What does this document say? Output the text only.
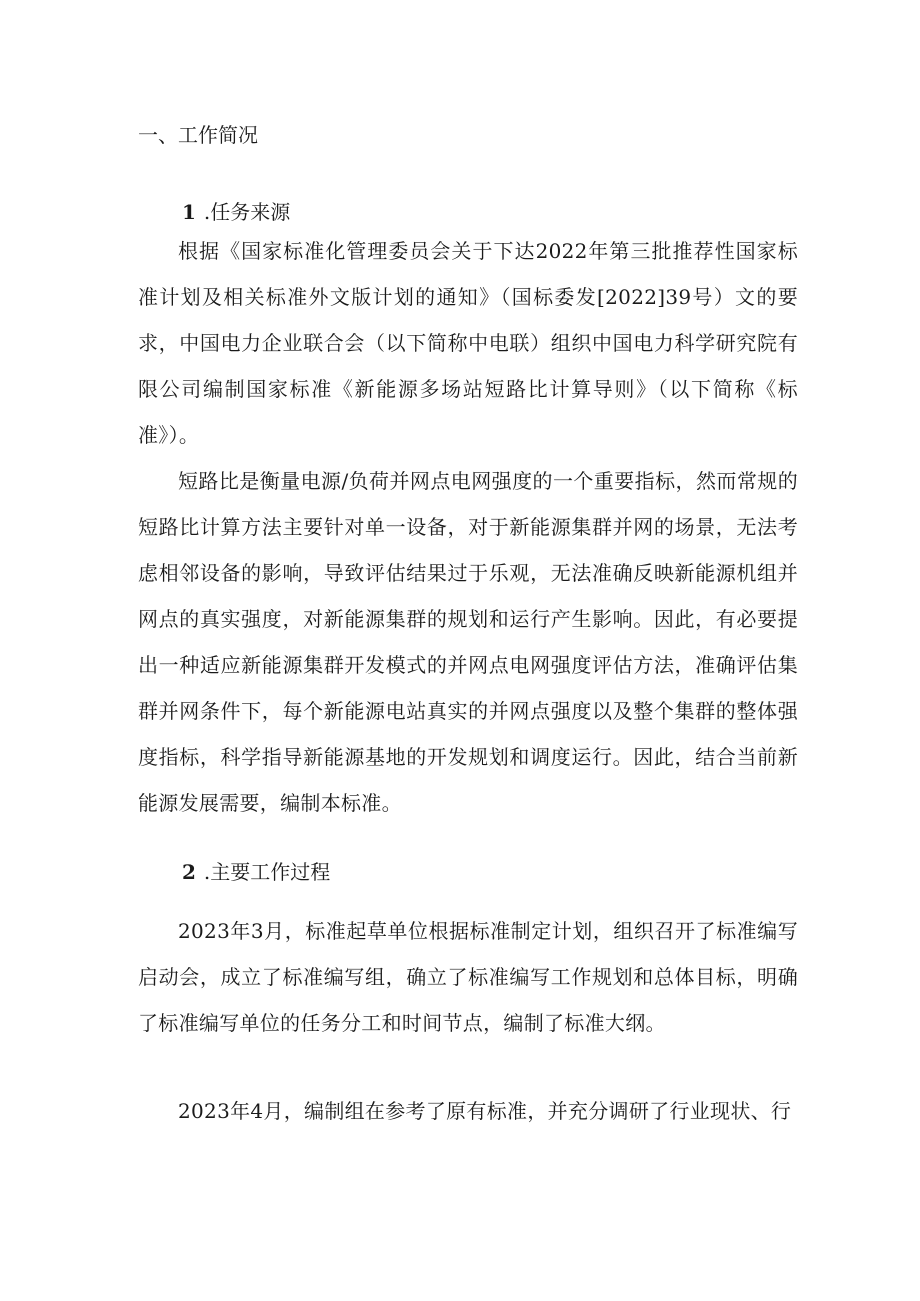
一、工作简况
1 .任务来源

根据《国家标准化管理委员会关于下达2022年第三批推荐性国家标准计划及相关标准外文版计划的通知》（国标委发[2022]39号）文的要求，中国电力企业联合会（以下简称中电联）组织中国电力科学研究院有限公司编制国家标准《新能源多场站短路比计算导则》（以下简称《标准》）。

短路比是衡量电源/负荷并网点电网强度的一个重要指标，然而常规的短路比计算方法主要针对单一设备，对于新能源集群并网的场景，无法考虑相邻设备的影响，导致评估结果过于乐观，无法准确反映新能源机组并网点的真实强度，对新能源集群的规划和运行产生影响。因此，有必要提出一种适应新能源集群开发模式的并网点电网强度评估方法，准确评估集群并网条件下，每个新能源电站真实的并网点强度以及整个集群的整体强度指标，科学指导新能源基地的开发规划和调度运行。因此，结合当前新能源发展需要，编制本标准。

2 .主要工作过程

2023年3月，标准起草单位根据标准制定计划，组织召开了标准编写启动会，成立了标准编写组，确立了标准编写工作规划和总体目标，明确了标准编写单位的任务分工和时间节点，编制了标准大纲。

2023年4月，编制组在参考了原有标准，并充分调研了行业现状、行
